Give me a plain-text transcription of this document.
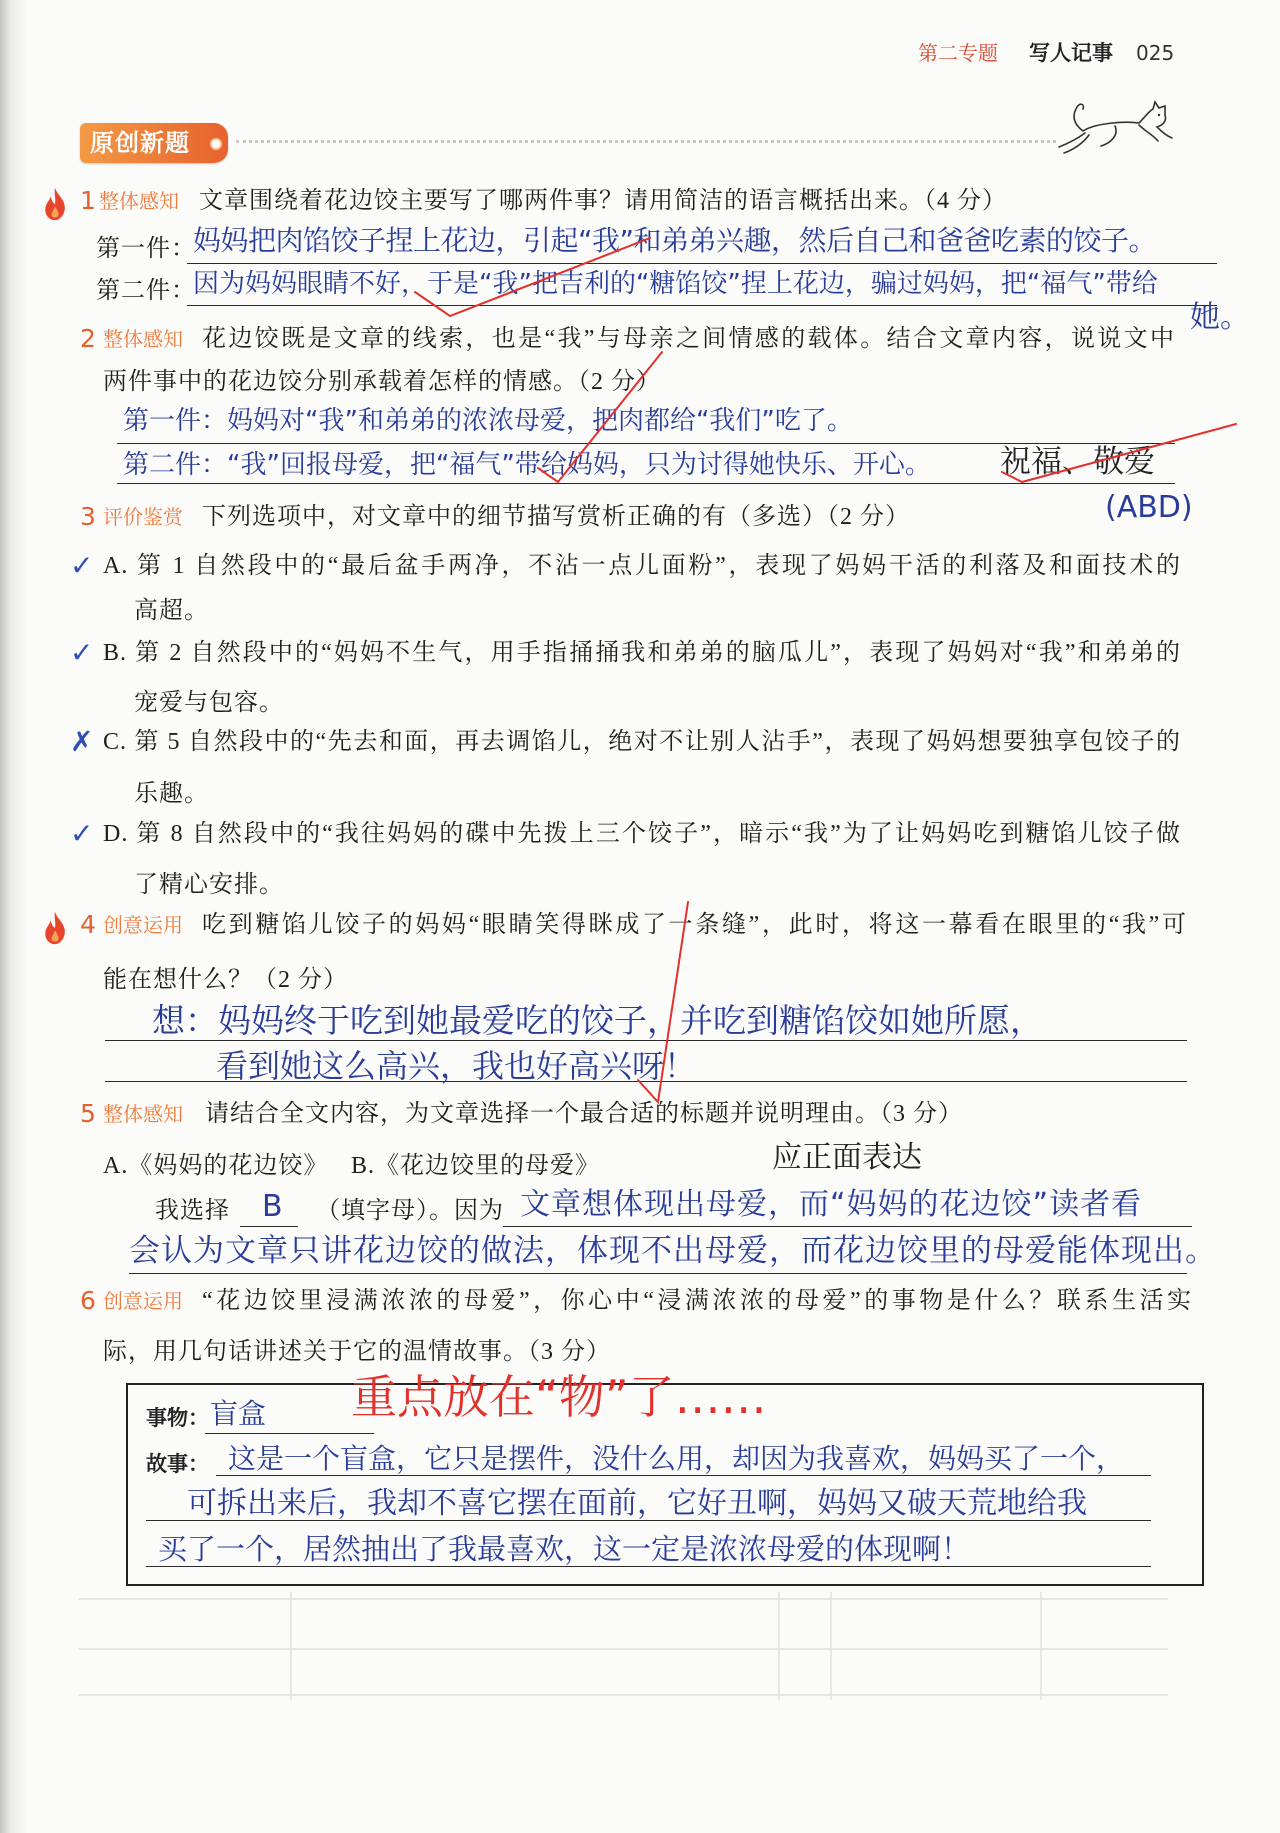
第二专题 写人记事 025
原创新题
1 整体感知 文章围绕着花边饺主要写了哪两件事？请用简洁的语言概括出来。（4 分）
第一件：
妈妈把肉馅饺子捏上花边，引起“我”和弟弟兴趣，然后自己和爸爸吃素的饺子。
第二件：
因为妈妈眼睛不好，于是“我”把吉利的“糖馅饺”捏上花边，骗过妈妈，把“福气”带给
她。
2 整体感知 花边饺既是文章的线索，也是“我”与母亲之间情感的载体。结合文章内容，说说文中
两件事中的花边饺分别承载着怎样的情感。（2 分）
第一件：妈妈对“我”和弟弟的浓浓母爱，把肉都给“我们”吃了。
第二件：“我”回报母爱，把“福气”带给妈妈，只为讨得她快乐、开心。 祝福、敬爱
3 评价鉴赏 下列选项中，对文章中的细节描写赏析正确的有（多选）（2 分）	(ABD)
✓ A. 第 1 自然段中的“最后盆手两净，不沾一点儿面粉”，表现了妈妈干活的利落及和面技术的
高超。
✓ B. 第 2 自然段中的“妈妈不生气，用手指捅捅我和弟弟的脑瓜儿”，表现了妈妈对“我”和弟弟的
宠爱与包容。
✗ C. 第 5 自然段中的“先去和面，再去调馅儿，绝对不让别人沾手”，表现了妈妈想要独享包饺子的
乐趣。
✓ D. 第 8 自然段中的“我往妈妈的碟中先拨上三个饺子”，暗示“我”为了让妈妈吃到糖馅儿饺子做
了精心安排。
4 创意运用 吃到糖馅儿饺子的妈妈“眼睛笑得眯成了一条缝”，此时，将这一幕看在眼里的“我”可
能在想什么？（2 分）
想：妈妈终于吃到她最爱吃的饺子，并吃到糖馅饺如她所愿，
看到她这么高兴，我也好高兴呀！
5 整体感知 请结合全文内容，为文章选择一个最合适的标题并说明理由。（3 分）
A.《妈妈的花边饺》 B.《花边饺里的母爱》	应正面表达
我选择 B （填字母）。因为 文章想体现出母爱，而“妈妈的花边饺”读者看
会认为文章只讲花边饺的做法，体现不出母爱，而花边饺里的母爱能体现出。
6 创意运用 “花边饺里浸满浓浓的母爱”，你心中“浸满浓浓的母爱”的事物是什么？联系生活实
际，用几句话讲述关于它的温情故事。（3 分）
事物： 盲盒 重点放在“物”了……
故事： 这是一个盲盒，它只是摆件，没什么用，却因为我喜欢，妈妈买了一个，
可拆出来后，我却不喜它摆在面前，它好丑啊，妈妈又破天荒地给我
买了一个，居然抽出了我最喜欢，这一定是浓浓母爱的体现啊！
